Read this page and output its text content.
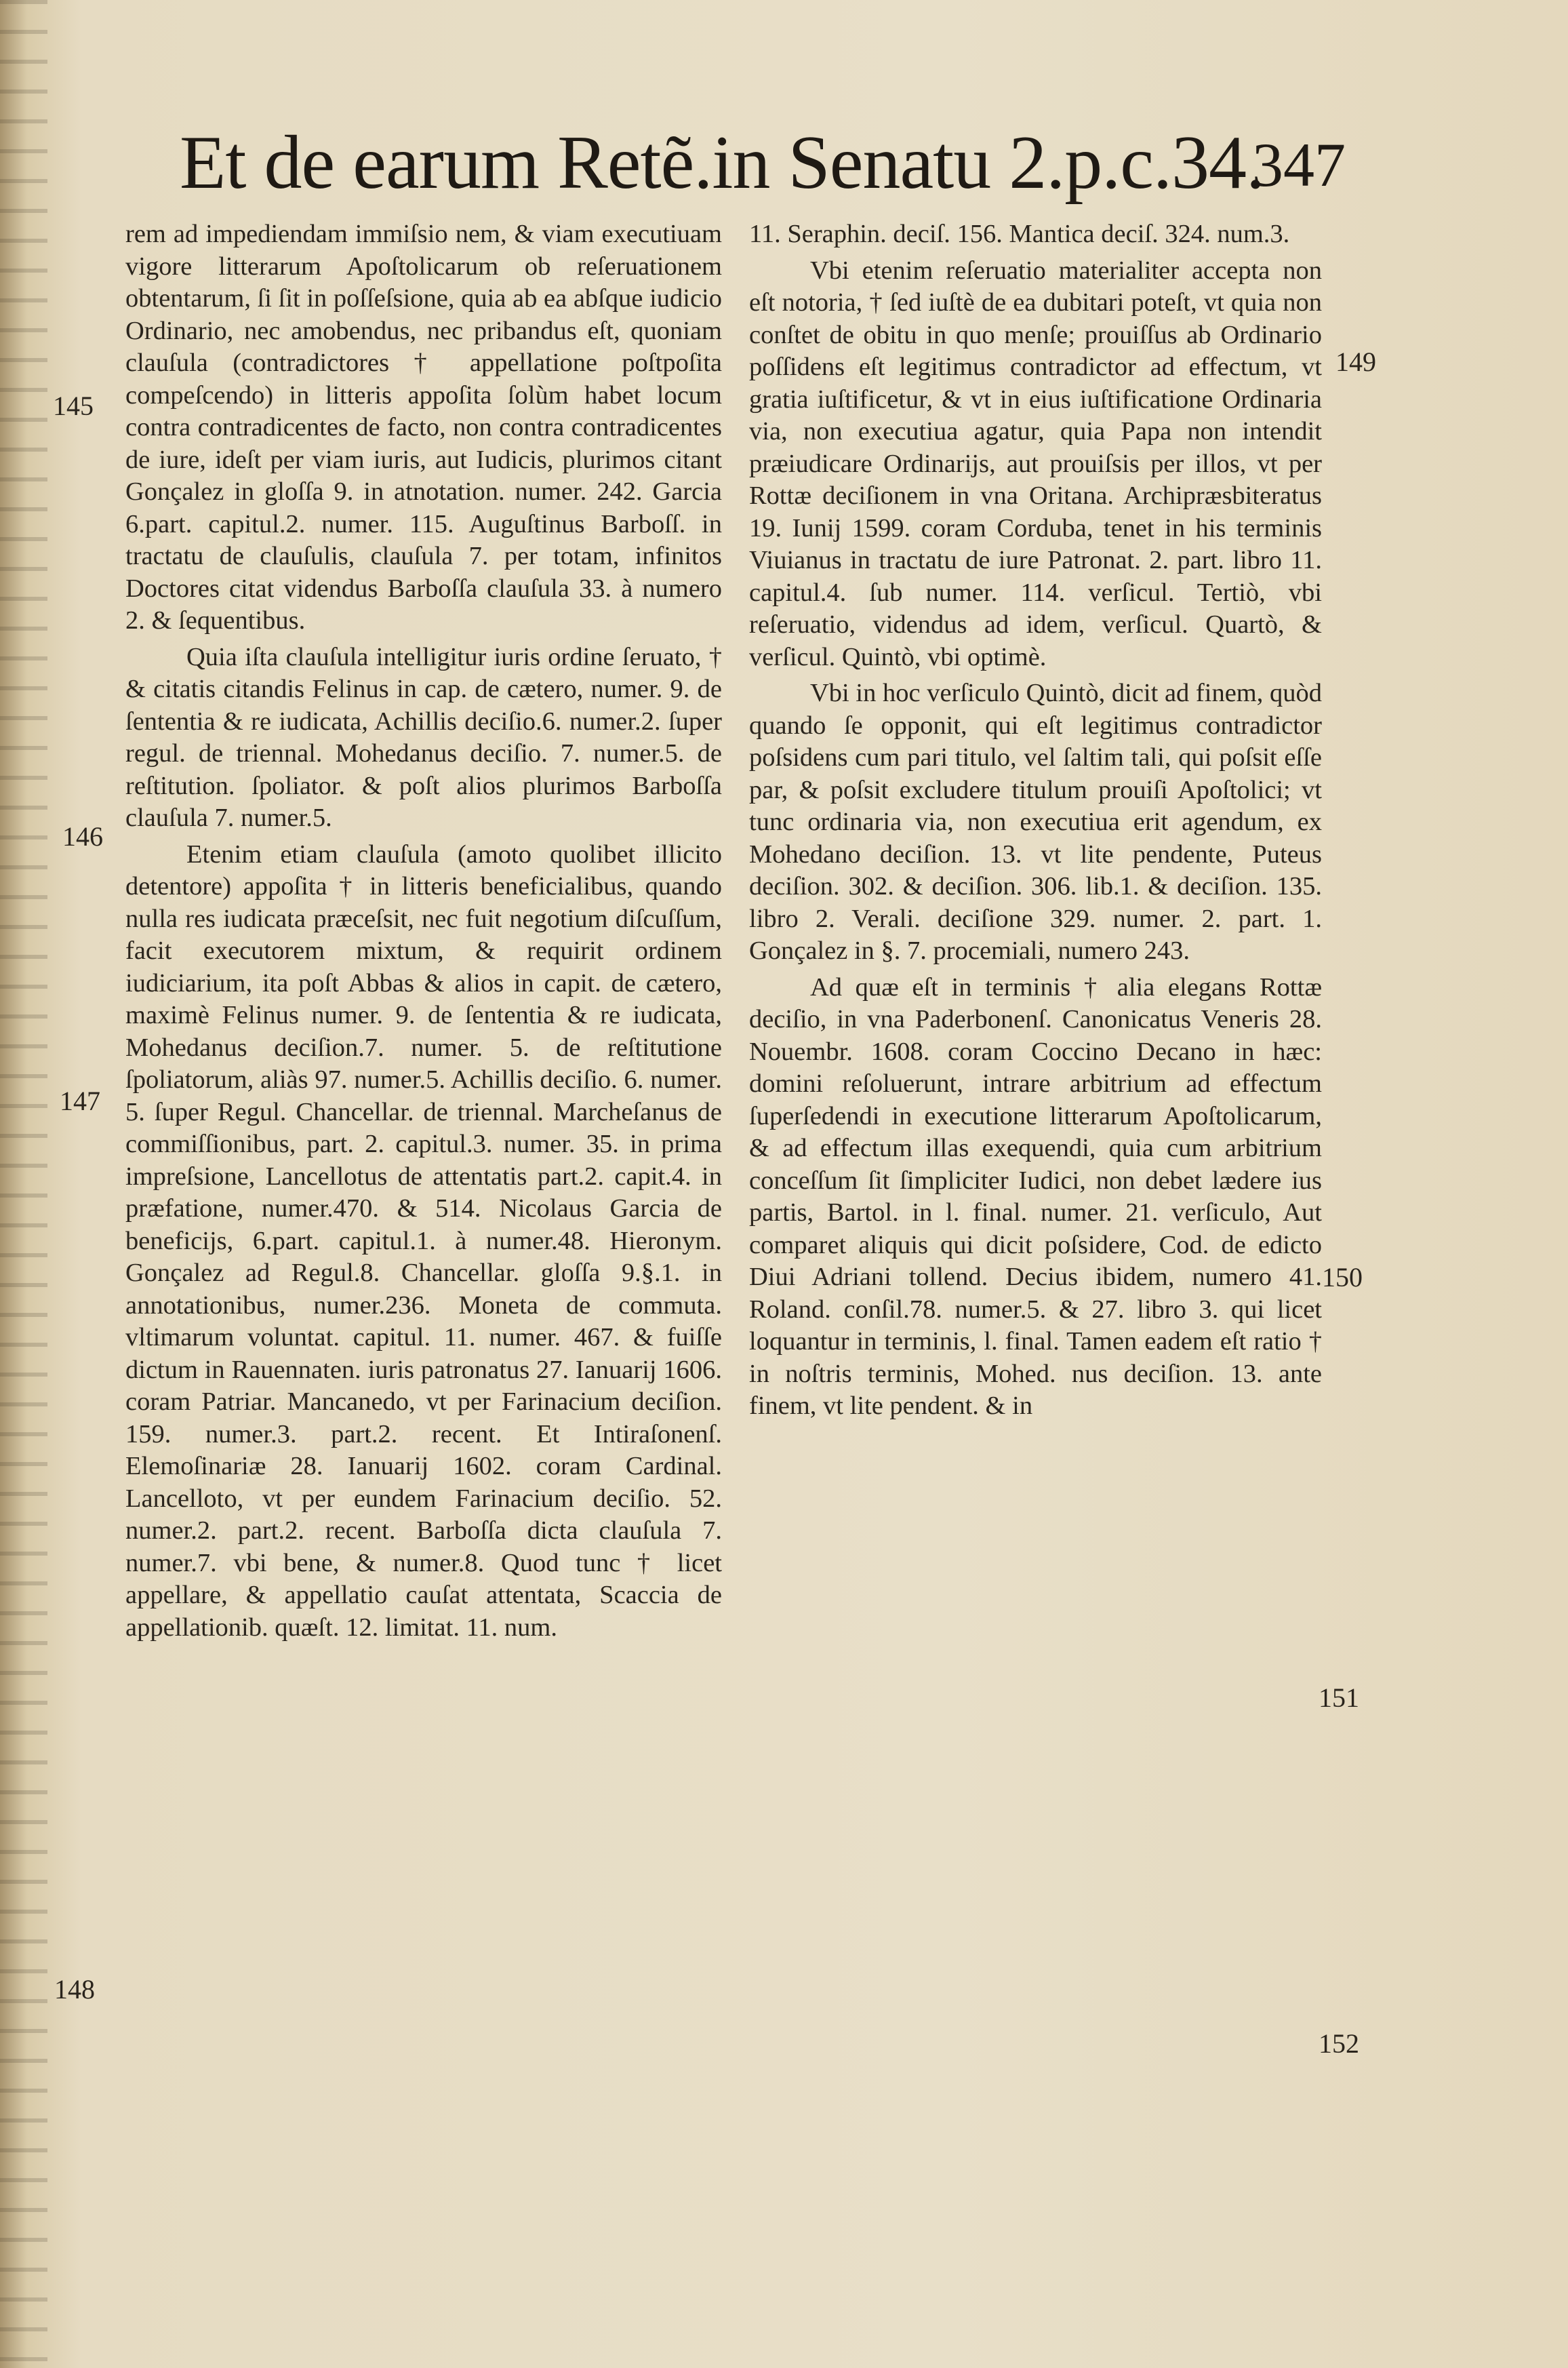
Et de earum Retẽ.in Senatu 2.p.c.34.
347
145
146
147
148
149
150
151
152

rem ad impediendam immiſsio nem, & viam executiuam vigore litterarum Apoſtolicarum ob reſeruationem obtentarum, ſi ſit in poſſeſsione, quia ab ea abſque iudicio Ordinario, nec amobendus, nec pribandus eſt, quoniam clauſula (contradictores † appellatione poſtpoſita compeſcendo) in litteris appoſita ſolùm habet locum contra contradicentes de facto, non contra contradicentes de iure, ideſt per viam iuris, aut Iudicis, plurimos citant Gonçalez in gloſſa 9. in atnotation. numer. 242. Garcia 6.part. capitul.2. numer. 115. Auguſtinus Barboſſ. in tractatu de clauſulis, clauſula 7. per totam, infinitos Doctores citat videndus Barboſſa clauſula 33. à numero 2. & ſequentibus.

Quia iſta clauſula intelligitur iuris ordine ſeruato, † & citatis citandis Felinus in cap. de cætero, numer. 9. de ſententia & re iudicata, Achillis deciſio.6. numer.2. ſuper regul. de triennal. Mohedanus deciſio. 7. numer.5. de reſtitution. ſpoliator. & poſt alios plurimos Barboſſa clauſula 7. numer.5.

Etenim etiam clauſula (amoto quolibet illicito detentore) appoſita † in litteris beneficialibus, quando nulla res iudicata præceſsit, nec fuit negotium diſcuſſum, facit executorem mixtum, & requirit ordinem iudiciarium, ita poſt Abbas & alios in capit. de cætero, maximè Felinus numer. 9. de ſententia & re iudicata, Mohedanus deciſion.7. numer. 5. de reſtitutione ſpoliatorum, aliàs 97. numer.5. Achillis deciſio. 6. numer. 5. ſuper Regul. Chancellar. de triennal. Marcheſanus de commiſſionibus, part. 2. capitul.3. numer. 35. in prima impreſsione, Lancellotus de attentatis part.2. capit.4. in præfatione, numer.470. & 514. Nicolaus Garcia de beneficijs, 6.part. capitul.1. à numer.48. Hieronym. Gonçalez ad Regul.8. Chancellar. gloſſa 9.§.1. in annotationibus, numer.236. Moneta de commuta. vltimarum voluntat. capitul. 11. numer. 467. & fuiſſe dictum in Rauennaten. iuris patronatus 27. Ianuarij 1606. coram Patriar. Mancanedo, vt per Farinacium deciſion. 159. numer.3. part.2. recent. Et Intiraſonenſ. Elemoſinariæ 28. Ianuarij 1602. coram Cardinal. Lancelloto, vt per eundem Farinacium deciſio. 52. numer.2. part.2. recent. Barboſſa dicta clauſula 7. numer.7. vbi bene, & numer.8. Quod tunc † licet appellare, & appellatio cauſat attentata, Scaccia de appellationib. quæſt. 12. limitat. 11. num.

11. Seraphin. deciſ. 156. Mantica deciſ. 324. num.3.

Vbi etenim reſeruatio materialiter accepta non eſt notoria, † ſed iuſtè de ea dubitari poteſt, vt quia non conſtet de obitu in quo menſe; prouiſſus ab Ordinario poſſidens eſt legitimus contradictor ad effectum, vt gratia iuſtificetur, & vt in eius iuſtificatione Ordinaria via, non executiua agatur, quia Papa non intendit præiudicare Ordinarijs, aut prouiſsis per illos, vt per Rottæ deciſionem in vna Oritana. Archipræsbiteratus 19. Iunij 1599. coram Corduba, tenet in his terminis Viuianus in tractatu de iure Patronat. 2. part. libro 11. capitul.4. ſub numer. 114. verſicul. Tertiò, vbi reſeruatio, videndus ad idem, verſicul. Quartò, & verſicul. Quintò, vbi optimè.

Vbi in hoc verſiculo Quintò, dicit ad finem, quòd quando ſe opponit, qui eſt legitimus contradictor poſsidens cum pari titulo, vel ſaltim tali, qui poſsit eſſe par, & poſsit excludere titulum prouiſi Apoſtolici; vt tunc ordinaria via, non executiua erit agendum, ex Mohedano deciſion. 13. vt lite pendente, Puteus deciſion. 302. & deciſion. 306. lib.1. & deciſion. 135. libro 2. Verali. deciſione 329. numer. 2. part. 1. Gonçalez in §. 7. procemiali, numero 243.

Ad quæ eſt in terminis † alia elegans Rottæ deciſio, in vna Paderbonenſ. Canonicatus Veneris 28. Nouembr. 1608. coram Coccino Decano in hæc: domini reſoluerunt, intrare arbitrium ad effectum ſuperſedendi in executione litterarum Apoſtolicarum, & ad effectum illas exequendi, quia cum arbitrium conceſſum ſit ſimpliciter Iudici, non debet lædere ius partis, Bartol. in l. final. numer. 21. verſiculo, Aut comparet aliquis qui dicit poſsidere, Cod. de edicto Diui Adriani tollend. Decius ibidem, numero 41. Roland. conſil.78. numer.5. & 27. libro 3. qui licet loquantur in terminis, l. final. Tamen eadem eſt ratio † in noſtris terminis, Mohed. nus deciſion. 13. ante finem, vt lite pendent. & in
